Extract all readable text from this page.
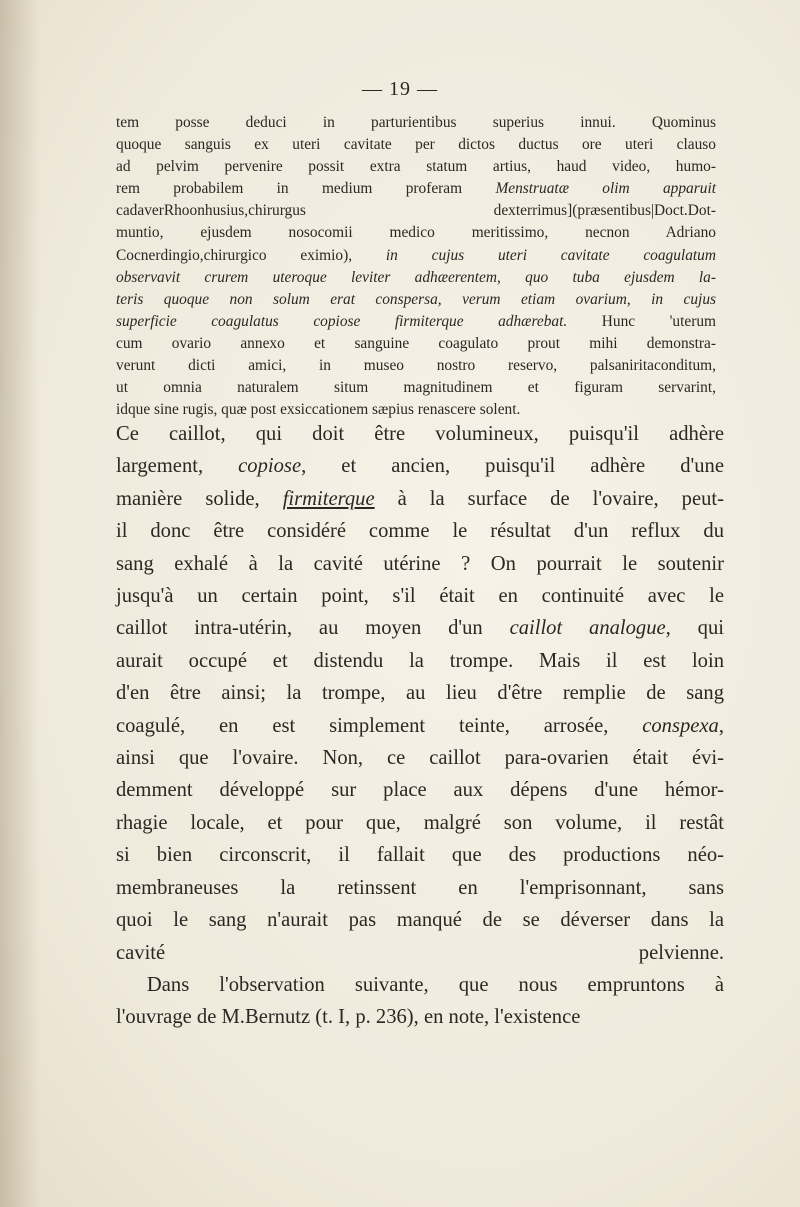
— 19 —
tem posse deduci in parturientibus superius innui. Quominus
quoque sanguis ex uteri cavitate per dictos ductus ore uteri clauso
ad pelvim pervenire possit extra statum artius, haud video, humo-
rem probabilem in medium proferam Menstruatæ olim apparuit
cadaverRhoonhusius,chirurgus dexterrimus](præsentibus|Doct.Dot-
muntio, ejusdem nosocomii medico meritissimo, necnon Adriano
Cocnerdingio,chirurgico eximio), in cujus uteri cavitate coagulatum
observavit crurem uteroque leviter adhæerentem, quo tuba ejusdem la-
teris quoque non solum erat conspersa, verum etiam ovarium, in cujus
superficie coagulatus copiose firmiterque adhærebat. Hunc 'uterum
cum ovario annexo et sanguine coagulato prout mihi demonstra-
verunt dicti amici, in museo nostro reservo, palsaniritaconditum,
ut omnia naturalem situm magnitudinem et figuram servarint,
idque sine rugis, quæ post exsiccationem sæpius renascere solent.
Ce caillot, qui doit être volumineux, puisqu'il adhère
largement, copiose, et ancien, puisqu'il adhère d'une
manière solide, firmiterque à la surface de l'ovaire, peut-
il donc être considéré comme le résultat d'un reflux du
sang exhalé à la cavité utérine ? On pourrait le soutenir
jusqu'à un certain point, s'il était en continuité avec le
caillot intra-utérin, au moyen d'un caillot analogue, qui
aurait occupé et distendu la trompe. Mais il est loin
d'en être ainsi; la trompe, au lieu d'être remplie de sang
coagulé, en est simplement teinte, arrosée, conspexa,
ainsi que l'ovaire. Non, ce caillot para-ovarien était évi-
demment développé sur place aux dépens d'une hémor-
rhagie locale, et pour que, malgré son volume, il restât
si bien circonscrit, il fallait que des productions néo-
membraneuses la retinssent en l'emprisonnant, sans
quoi le sang n'aurait pas manqué de se déverser dans la
cavité pelvienne.
  Dans l'observation suivante, que nous empruntons à
l'ouvrage de M.Bernutz (t. I, p. 236), en note, l'existence
